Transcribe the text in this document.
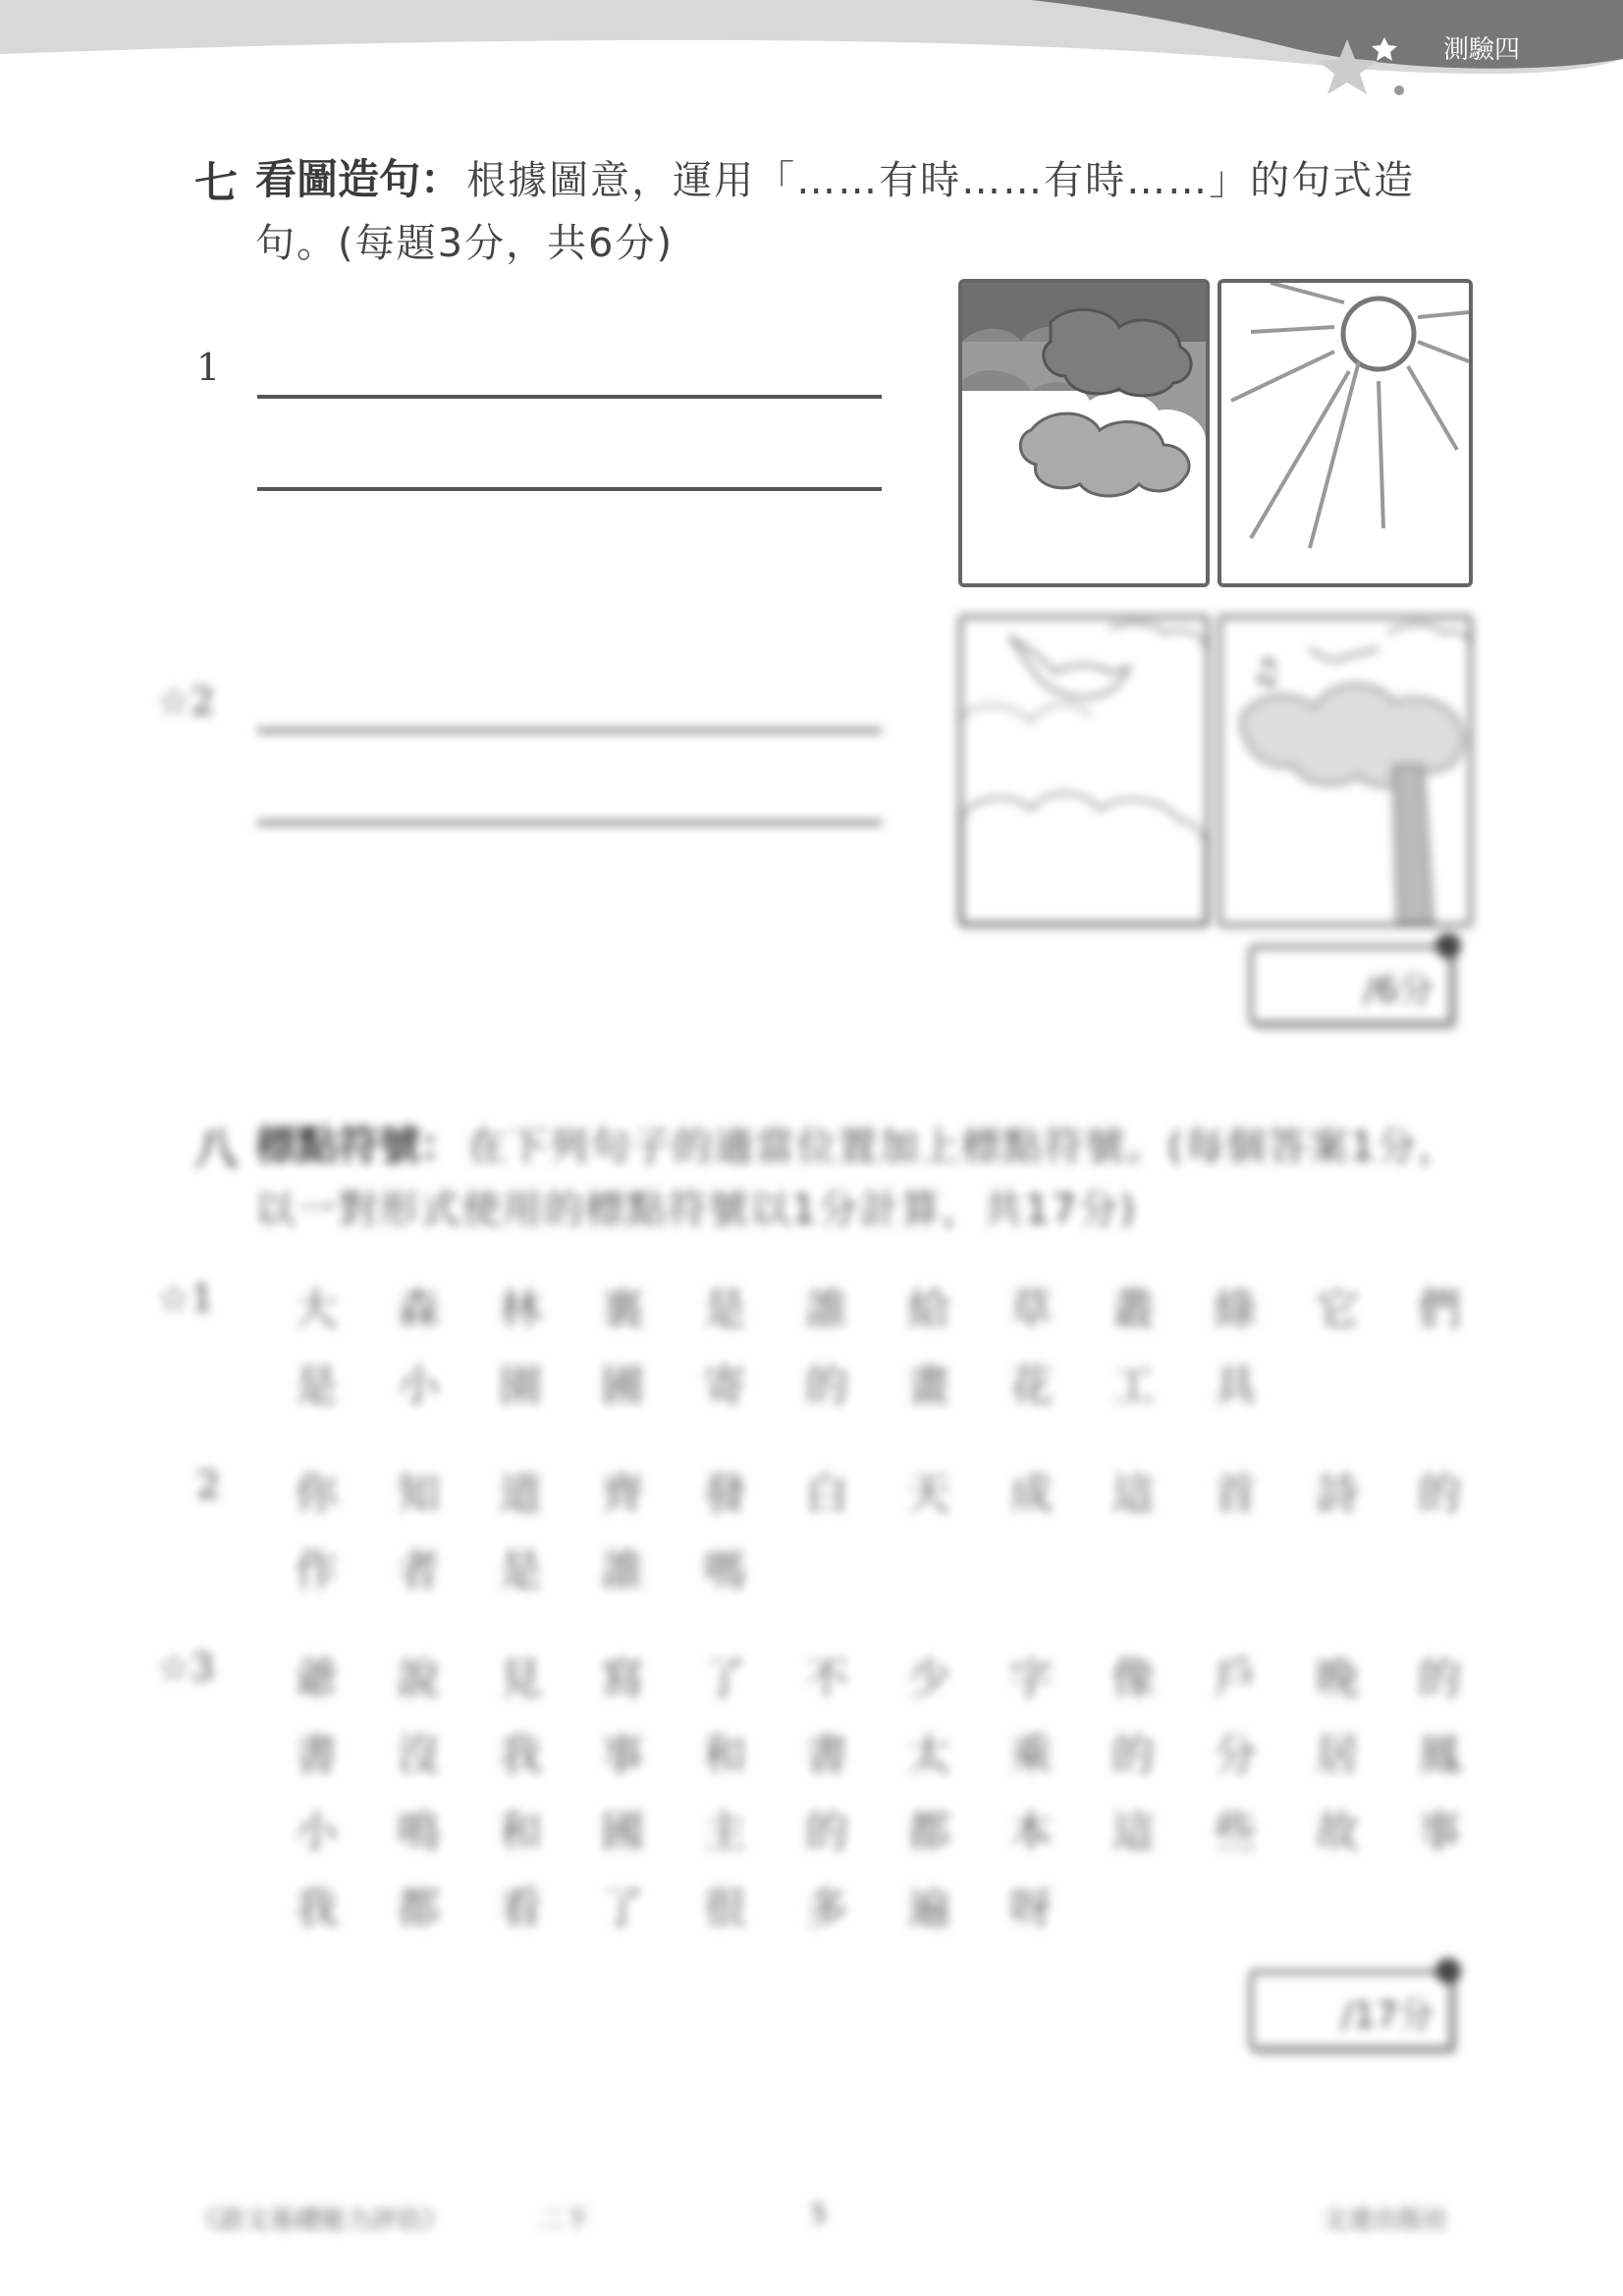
測驗四
七 看圖造句： 根據圖意，運用「……有時……有時……」的句式造句。(每題3分，共6分)
1
♫
☆2
/6分
八 標點符號： 在下列句子的適當位置加上標點符號。(每個答案1分，以一對形式使用的標點符號以1分計算，共17分)
☆1 大	森	林	裏	是	誰	給	草	叢	綠	它	們
是	小	園	圃	寄	的	畫	花	工	具
2 你	知	道	齊	發	白	天	成	這	首	詩	的
作	者	是	誰	嗎
☆3 爺	說	見	寫	了	不	少	字	像	戶	晚	的
書	沒	我	事	和	書	太	乘	的	分	居	鳳
小	鳴	和	國	主	的	都	本	這	些	故	事
我	都	看	了	很	多	遍	呀
/17分
《語文基礎能力評估》	二下	5	文達出版社
